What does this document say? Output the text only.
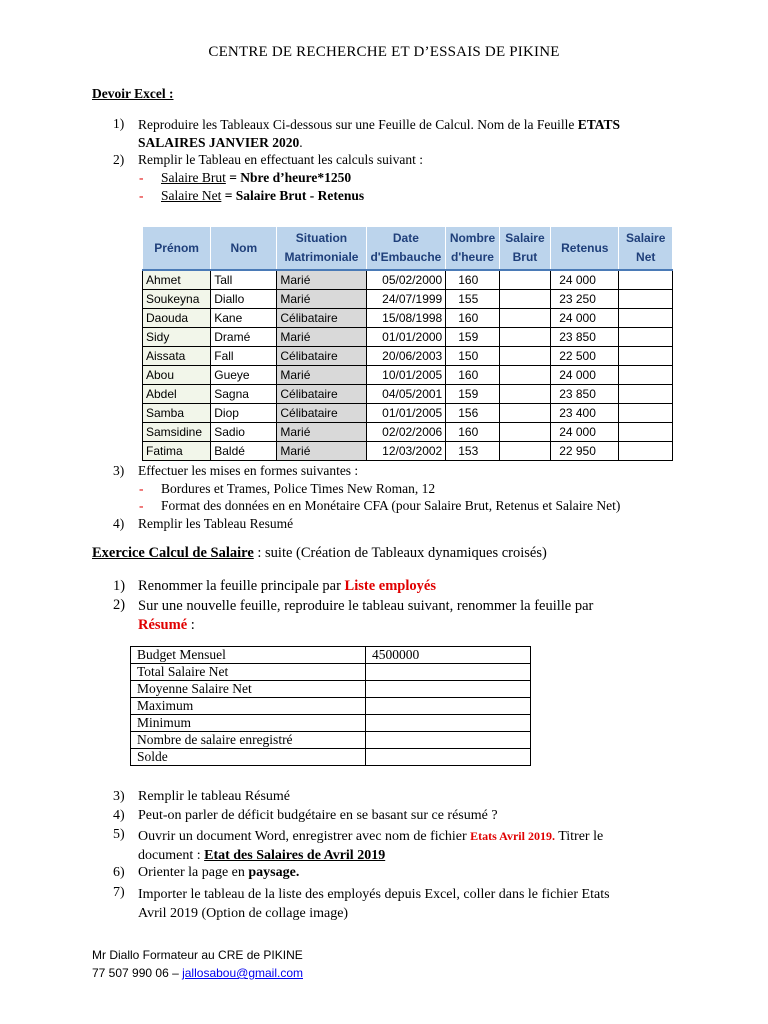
CENTRE DE RECHERCHE ET D’ESSAIS DE PIKINE
Devoir Excel :
1) Reproduire les Tableaux Ci-dessous sur une Feuille de Calcul. Nom de la Feuille ETATS
SALAIRES JANVIER 2020.
2) Remplir le Tableau en effectuant les calculs suivant :
- Salaire Brut = Nbre d’heure*1250
- Salaire Net = Salaire Brut - Retenus
Prénom	Nom	Situation Matrimoniale	Date d'Embauche	Nombre d'heure	Salaire Brut	Retenus	Salaire Net
Ahmet	Tall	Marié	05/02/2000	160		24 000	
Soukeyna	Diallo	Marié	24/07/1999	155		23 250	
Daouda	Kane	Célibataire	15/08/1998	160		24 000	
Sidy	Dramé	Marié	01/01/2000	159		23 850	
Aissata	Fall	Célibataire	20/06/2003	150		22 500	
Abou	Gueye	Marié	10/01/2005	160		24 000	
Abdel	Sagna	Célibataire	04/05/2001	159		23 850	
Samba	Diop	Célibataire	01/01/2005	156		23 400	
Samsidine	Sadio	Marié	02/02/2006	160		24 000	
Fatima	Baldé	Marié	12/03/2002	153		22 950	
3) Effectuer les mises en formes suivantes :
- Bordures et Trames, Police Times New Roman, 12
- Format des données en en Monétaire CFA (pour Salaire Brut, Retenus et Salaire Net)
4) Remplir les Tableau Resumé
Exercice Calcul de Salaire : suite (Création de Tableaux dynamiques croisés)
1) Renommer la feuille principale par Liste employés
2) Sur une nouvelle feuille, reproduire le tableau suivant, renommer la feuille par
Résumé :
Budget Mensuel	4500000
Total Salaire Net	
Moyenne Salaire Net	
Maximum	
Minimum	
Nombre de salaire enregistré	
Solde	
3) Remplir le tableau Résumé
4) Peut-on parler de déficit budgétaire en se basant sur ce résumé ?
5) Ouvrir un document Word, enregistrer avec nom de fichier Etats Avril 2019. Titrer le
document : Etat des Salaires de Avril 2019
6) Orienter la page en paysage.
7) Importer le tableau de la liste des employés depuis Excel, coller dans le fichier Etats
Avril 2019 (Option de collage image)
Mr Diallo Formateur au CRE de PIKINE
77 507 990 06 – jallosabou@gmail.com
